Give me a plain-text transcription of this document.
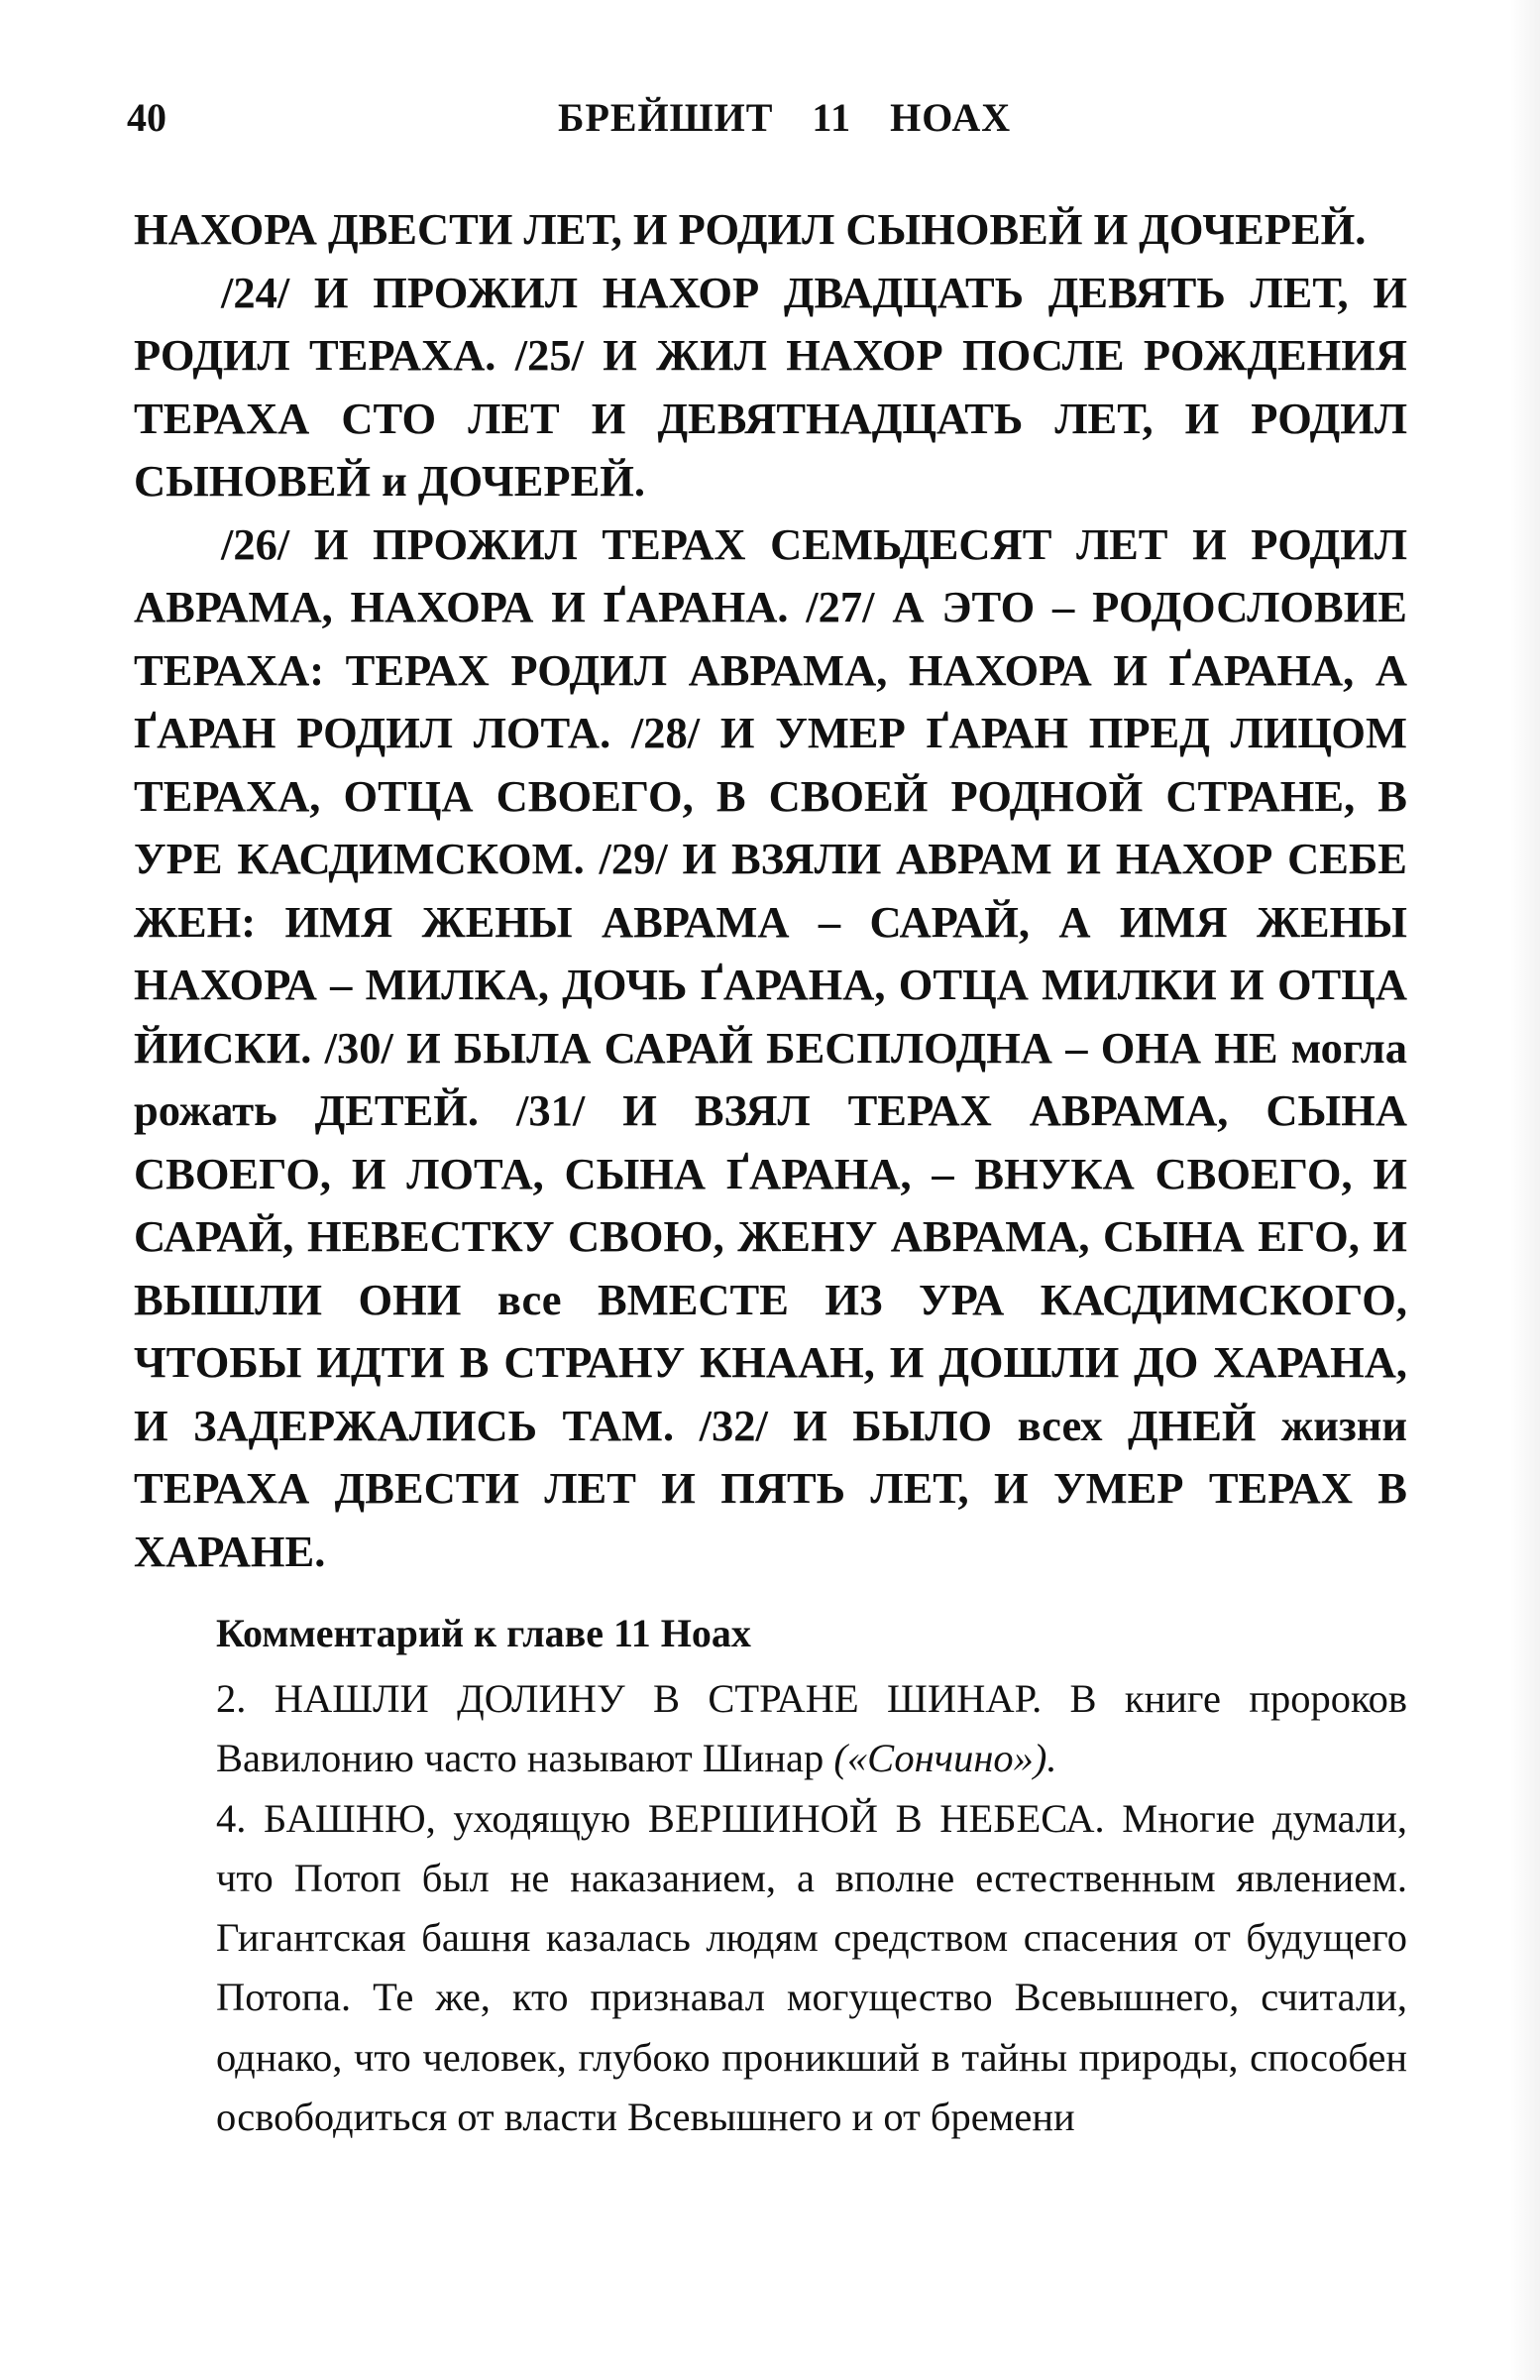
40	БРЕЙШИТ 11 НОАХ

НАХОРА ДВЕСТИ ЛЕТ, И РОДИЛ СЫНОВЕЙ И ДОЧЕРЕЙ.

/24/ И ПРОЖИЛ НАХОР ДВАДЦАТЬ ДЕВЯТЬ ЛЕТ, И РОДИЛ ТЕРАХА. /25/ И ЖИЛ НАХОР ПОСЛЕ РОЖДЕНИЯ ТЕРАХА СТО ЛЕТ И ДЕВЯТНАДЦАТЬ ЛЕТ, И РОДИЛ СЫНОВЕЙ и ДОЧЕРЕЙ.

/26/ И ПРОЖИЛ ТЕРАХ СЕМЬДЕСЯТ ЛЕТ И РОДИЛ АВРАМА, НАХОРА И ҐАРАНА. /27/ А ЭТО – РОДОСЛОВИЕ ТЕРАХА: ТЕРАХ РОДИЛ АВРАМА, НАХОРА И ҐАРАНА, А ҐАРАН РОДИЛ ЛОТА. /28/ И УМЕР ҐАРАН ПРЕД ЛИЦОМ ТЕРАХА, ОТЦА СВОЕГО, В СВОЕЙ РОДНОЙ СТРАНЕ, В УРЕ КАСДИМСКОМ. /29/ И ВЗЯЛИ АВРАМ И НАХОР СЕБЕ ЖЕН: ИМЯ ЖЕНЫ АВРАМА – САРАЙ, А ИМЯ ЖЕНЫ НАХОРА – МИЛКА, ДОЧЬ ҐАРАНА, ОТЦА МИЛКИ И ОТЦА ЙИСКИ. /30/ И БЫЛА САРАЙ БЕСПЛОДНА – ОНА НЕ могла рожать ДЕТЕЙ. /31/ И ВЗЯЛ ТЕРАХ АВРАМА, СЫНА СВОЕГО, И ЛОТА, СЫНА ҐАРАНА, – ВНУКА СВОЕГО, И САРАЙ, НЕВЕСТКУ СВОЮ, ЖЕНУ АВРАМА, СЫНА ЕГО, И ВЫШЛИ ОНИ все ВМЕСТЕ ИЗ УРА КАСДИМСКОГО, ЧТОБЫ ИДТИ В СТРАНУ КНААН, И ДОШЛИ ДО ХАРАНА, И ЗАДЕРЖАЛИСЬ ТАМ. /32/ И БЫЛО всех ДНЕЙ жизни ТЕРАХА ДВЕСТИ ЛЕТ И ПЯТЬ ЛЕТ, И УМЕР ТЕРАХ В ХАРАНЕ.

Комментарий к главе 11 Ноах

2. НАШЛИ ДОЛИНУ В СТРАНЕ ШИНАР. В книге пророков Вавилонию часто называют Шинар («Сончино»).

4. БАШНЮ, уходящую ВЕРШИНОЙ В НЕБЕСА. Многие думали, что Потоп был не наказанием, а вполне естественным явлением. Гигантская башня казалась людям средством спасения от будущего Потопа. Те же, кто признавал могущество Всевышнего, считали, однако, что человек, глубоко проникший в тайны природы, способен освободиться от власти Всевышнего и от бремени
